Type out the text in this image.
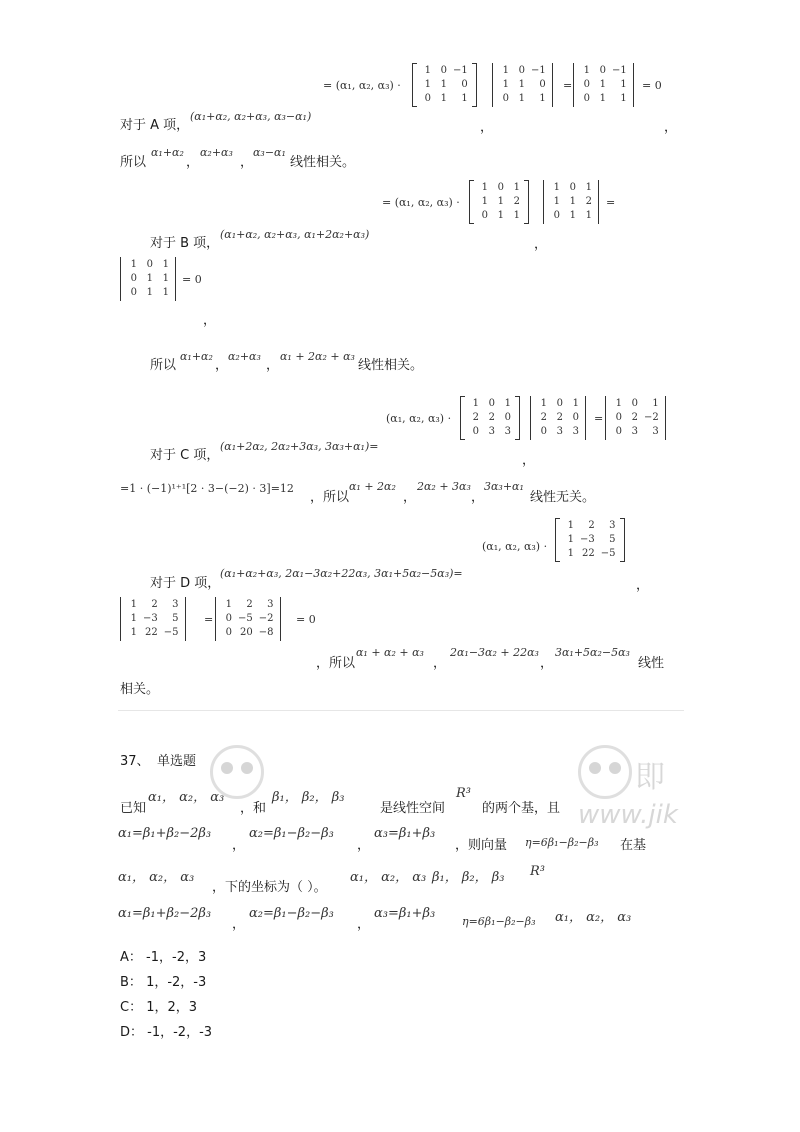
= (α₁, α₂, α₃) ·
1 0 −1
1 1	0
0 1	1
1 0 −1
1 1	0
0 1	1
=
1 0 −1
0 1	1
0 1	1
= 0
对于 A 项，
(α₁+α₂, α₂+α₃, α₃−α₁)
，	，
所以
α₁+α₂
，
α₂+α₃
，
α₃−α₁
线性相关。
= (α₁, α₂, α₃) ·
1 0 1
1 1 2
0 1 1
1 0 1
1 1 2
0 1 1
=
对于 B 项，
(α₁+α₂, α₂+α₃, α₁+2α₂+α₃)
，
1 0 1
0 1 1
0 1 1
= 0
，
所以
α₁+α₂
，
α₂+α₃
，
α₁ + 2α₂ + α₃
线性相关。
(α₁, α₂, α₃) ·
1 0 1
2 2 0
0 3 3
1 0 1
2 2 0
0 3 3
=
1 0	1
0 2 −2
0 3	3
对于 C 项，
(α₁+2α₂, 2α₂+3α₃, 3α₃+α₁)=
，
=1 · (−1)¹⁺¹[2 · 3−(−2) · 3]=12
，所以
α₁ + 2α₂
，
2α₂ + 3α₃
，
3α₃+α₁
线性无关。
(α₁, α₂, α₃) ·
1	2	3
1 −3	5
1 22 −5
对于 D 项，
(α₁+α₂+α₃, 2α₁−3α₂+22α₃, 3α₁+5α₂−5α₃)=
，
1	2	3
1 −3	5
1 22 −5
=
1	2	3
0 −5 −2
0 20 −8
= 0
，所以
α₁ + α₂ + α₃
，
2α₁−3α₂ + 22α₃
，
3α₁+5α₂−5α₃
线性
相关。
即
www.jik
37、 单选题
已知
α₁， α₂， α₃
，和
β₁， β₂， β₃
是线性空间
R³
的两个基，且
α₁=β₁+β₂−2β₃
，
α₂=β₁−β₂−β₃
，
α₃=β₁+β₃
，则向量 η=6β₁−β₂−β₃ 在基
α₁， α₂， α₃
，下的坐标为（ ）。
α₁， α₂， α₃ β₁， β₂， β₃ R³
α₁=β₁+β₂−2β₃
，
α₂=β₁−β₂−β₃
，
α₃=β₁+β₃
η=6β₁−β₂−β₃ α₁， α₂， α₃
A： -1，-2，3
B： 1，-2，-3
C： 1，2，3
D： -1，-2，-3
